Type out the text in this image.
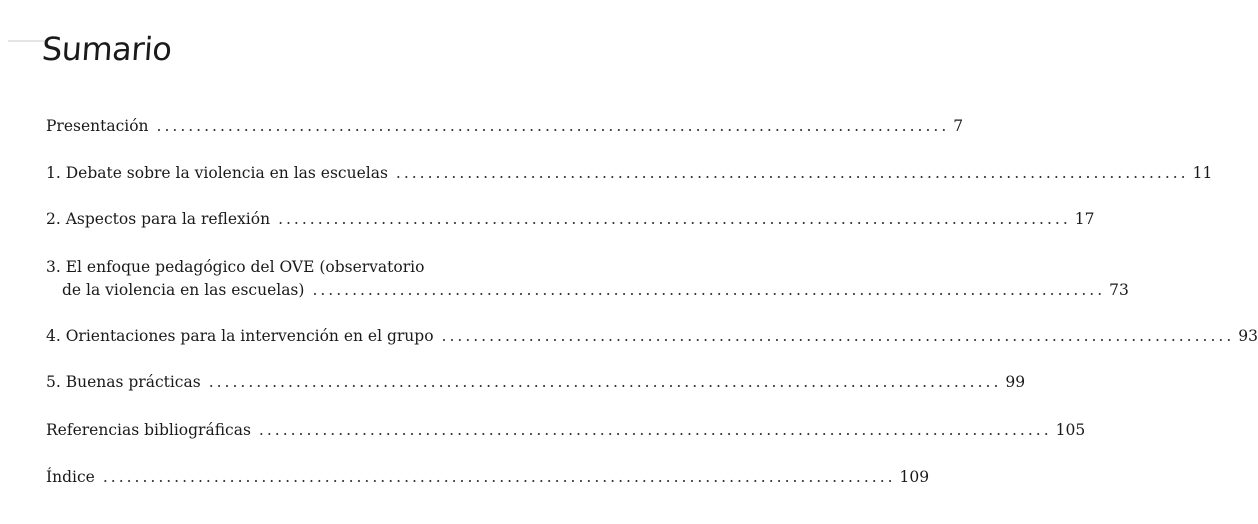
Sumario
Presentación .................................................................................................... 7
1. Debate sobre la violencia en las escuelas .................................................................................................... 11
2. Aspectos para la reflexión .................................................................................................... 17
3. El enfoque pedagógico del OVE (observatorio
de la violencia en las escuelas) .................................................................................................... 73
4. Orientaciones para la intervención en el grupo .................................................................................................... 93
5. Buenas prácticas .................................................................................................... 99
Referencias bibliográficas .................................................................................................... 105
Índice .................................................................................................... 109
